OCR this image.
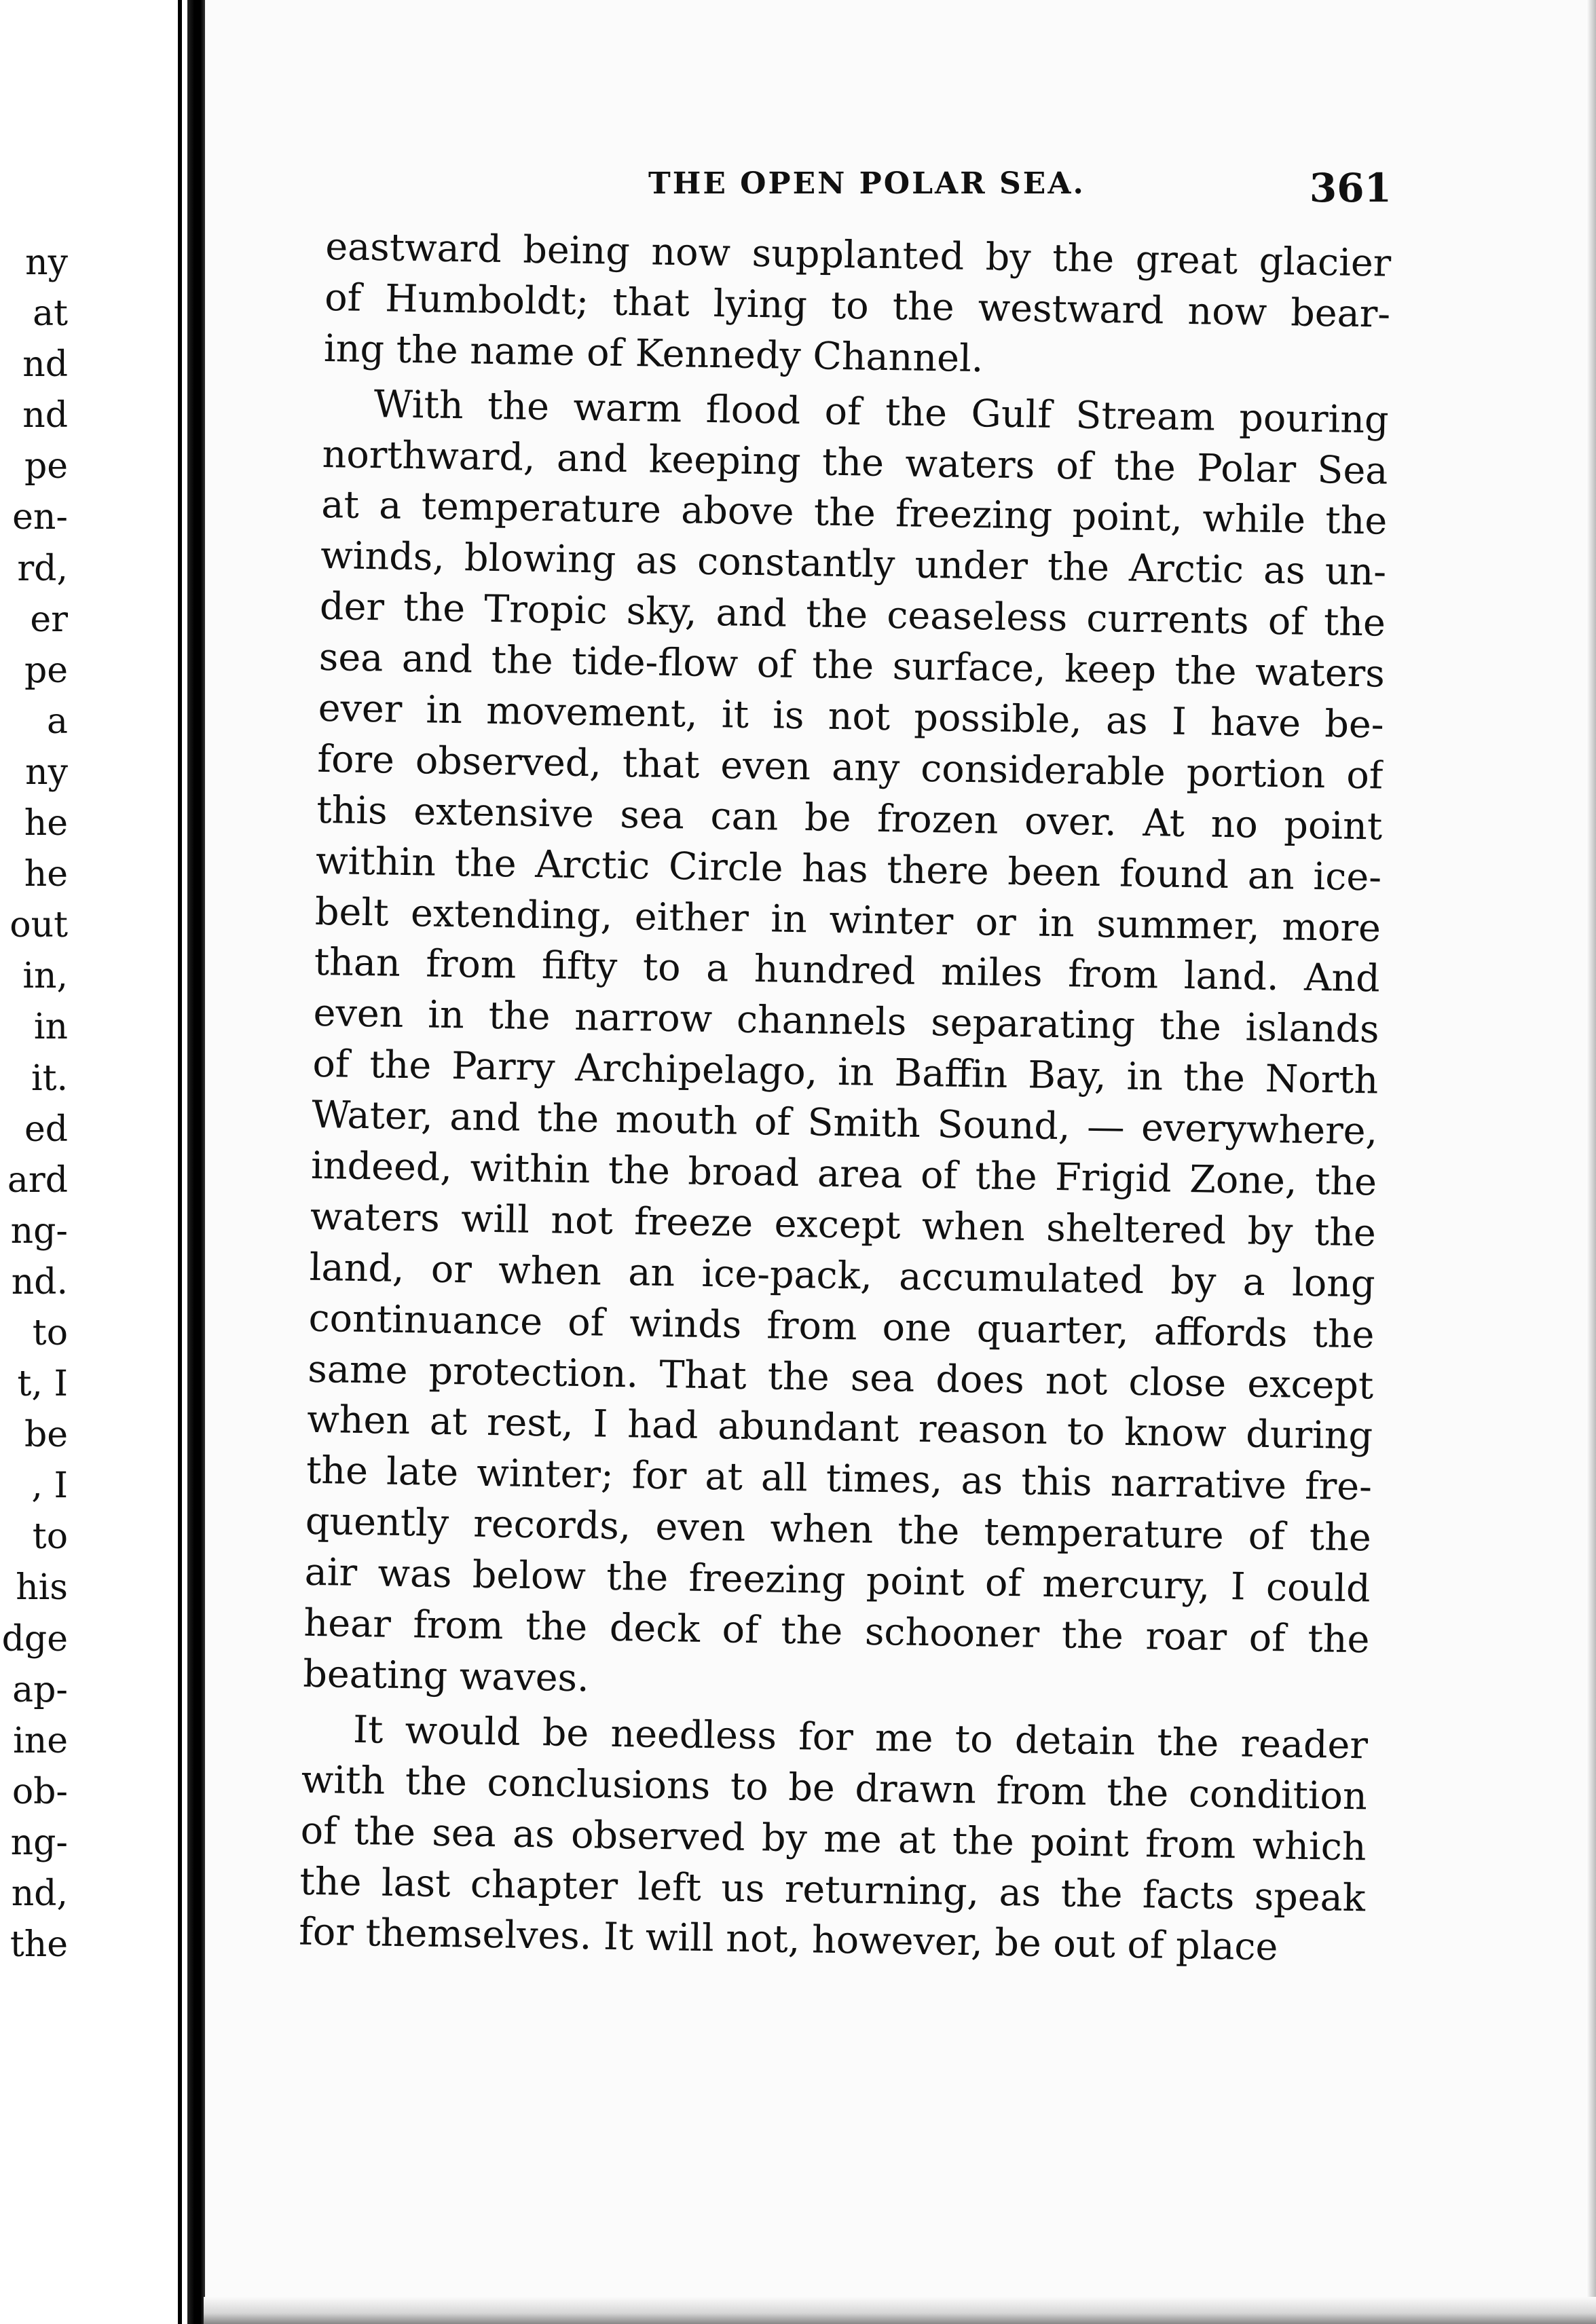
ny
at
nd
nd
pe
en-
rd,
er
pe
a
ny
he
he
out
in,
in
it.
ed
ard
ng-
nd.
to
t, I
be
, I
to
his
dge
ap-
ine
ob-
ng-
nd,
the
THE OPEN POLAR SEA.	361
eastward being now supplanted by the great glacier
of Humboldt; that lying to the westward now bear-
ing the name of Kennedy Channel.
With the warm flood of the Gulf Stream pouring
northward, and keeping the waters of the Polar Sea
at a temperature above the freezing point, while the
winds, blowing as constantly under the Arctic as un-
der the Tropic sky, and the ceaseless currents of the
sea and the tide-flow of the surface, keep the waters
ever in movement, it is not possible, as I have be-
fore observed, that even any considerable portion of
this extensive sea can be frozen over. At no point
within the Arctic Circle has there been found an ice-
belt extending, either in winter or in summer, more
than from fifty to a hundred miles from land. And
even in the narrow channels separating the islands
of the Parry Archipelago, in Baffin Bay, in the North
Water, and the mouth of Smith Sound, — everywhere,
indeed, within the broad area of the Frigid Zone, the
waters will not freeze except when sheltered by the
land, or when an ice-pack, accumulated by a long
continuance of winds from one quarter, affords the
same protection. That the sea does not close except
when at rest, I had abundant reason to know during
the late winter; for at all times, as this narrative fre-
quently records, even when the temperature of the
air was below the freezing point of mercury, I could
hear from the deck of the schooner the roar of the
beating waves.
It would be needless for me to detain the reader
with the conclusions to be drawn from the condition
of the sea as observed by me at the point from which
the last chapter left us returning, as the facts speak
for themselves. It will not, however, be out of place
